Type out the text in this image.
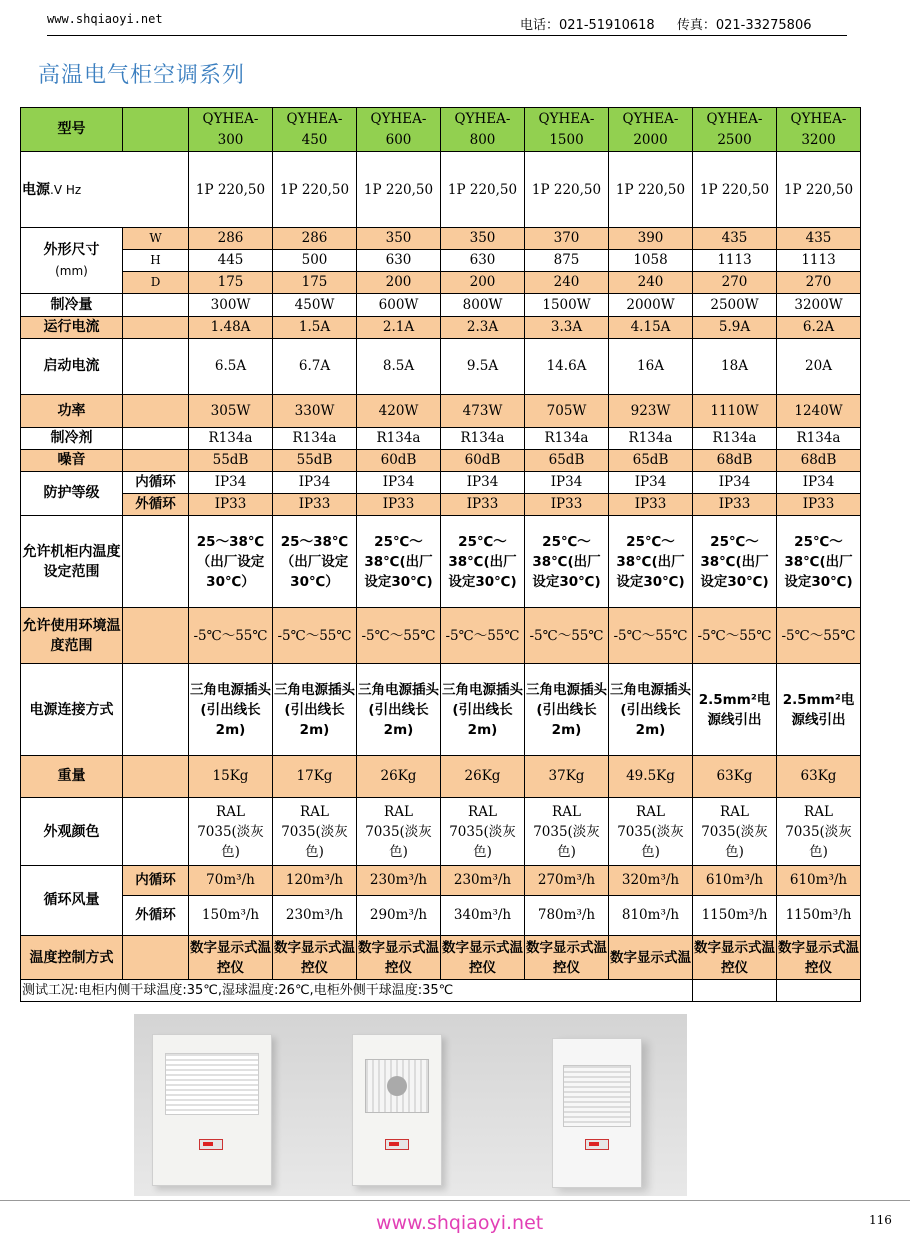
www.shqiaoyi.net	电话：021-51910618 传真：021-33275806
高温电气柜空调系列
型号		QYHEA-300	QYHEA-450	QYHEA-600	QYHEA-800	QYHEA-1500	QYHEA-2000	QYHEA-2500	QYHEA-3200
电源.V Hz		1P 220,50	1P 220,50	1P 220,50	1P 220,50	1P 220,50	1P 220,50	1P 220,50	1P 220,50

外形尺寸
(mm)	W	286	286	350	350	370	390	435	435
	H	445	500	630	630	875	1058	1113	1113
	D	175	175	200	200	240	240	270	270
制冷量		300W	450W	600W	800W	1500W	2000W	2500W	3200W
运行电流		1.48A	1.5A	2.1A	2.3A	3.3A	4.15A	5.9A	6.2A
启动电流		6.5A	6.7A	8.5A	9.5A	14.6A	16A	18A	20A
功率		305W	330W	420W	473W	705W	923W	1110W	1240W
制冷剂		R134a	R134a	R134a	R134a	R134a	R134a	R134a	R134a
噪音		55dB	55dB	60dB	60dB	65dB	65dB	68dB	68dB
防护等级	内循环	IP34	IP34	IP34	IP34	IP34	IP34	IP34	IP34
	外循环	IP33	IP33	IP33	IP33	IP33	IP33	IP33	IP33
允许机柜内温度设定范围		25～38℃（出厂设定30℃）	25～38℃（出厂设定30℃）	25℃～38℃(出厂设定30℃)	25℃～38℃(出厂设定30℃)	25℃～38℃(出厂设定30℃)	25℃～38℃(出厂设定30℃)	25℃～38℃(出厂设定30℃)	25℃～38℃(出厂设定30℃)
允许使用环境温度范围		-5℃～55℃	-5℃～55℃	-5℃～55℃	-5℃～55℃	-5℃～55℃	-5℃～55℃	-5℃～55℃	-5℃～55℃
电源连接方式		三角电源插头(引出线长2m)	三角电源插头(引出线长2m)	三角电源插头(引出线长2m)	三角电源插头(引出线长2m)	三角电源插头(引出线长2m)	三角电源插头(引出线长2m)	2.5mm²电源线引出	2.5mm²电源线引出
重量		15Kg	17Kg	26Kg	26Kg	37Kg	49.5Kg	63Kg	63Kg
外观颜色		RAL 7035(淡灰色)	RAL 7035(淡灰色)	RAL 7035(淡灰色)	RAL 7035(淡灰色)	RAL 7035(淡灰色)	RAL 7035(淡灰色)	RAL 7035(淡灰色)	RAL 7035(淡灰色)
循环风量	内循环	70m³/h	120m³/h	230m³/h	230m³/h	270m³/h	320m³/h	610m³/h	610m³/h
	外循环	150m³/h	230m³/h	290m³/h	340m³/h	780m³/h	810m³/h	1150m³/h	1150m³/h
温度控制方式		数字显示式温控仪	数字显示式温控仪	数字显示式温控仪	数字显示式温控仪	数字显示式温控仪	数字显示式温	数字显示式温控仪	数字显示式温控仪
测试工况:电柜内侧干球温度:35℃,湿球温度:26℃,电柜外侧干球温度:35℃									
www.shqiaoyi.net	116
